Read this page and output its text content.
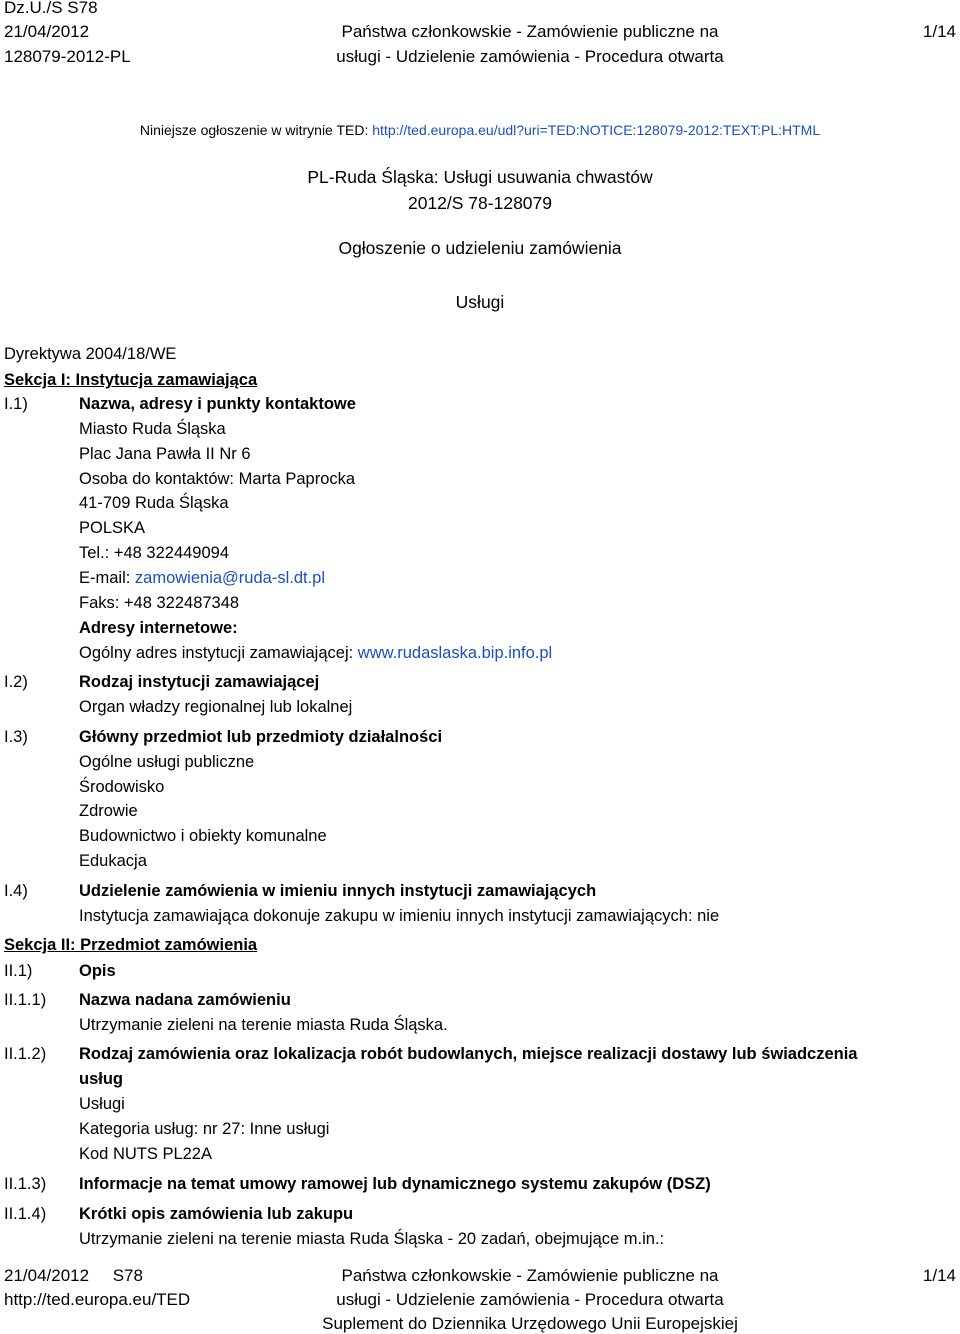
Dz.U./S S78
21/04/2012
128079-2012-PL
Państwa członkowskie - Zamówienie publiczne na
usługi - Udzielenie zamówienia - Procedura otwarta
1/14
Niniejsze ogłoszenie w witrynie TED: http://ted.europa.eu/udl?uri=TED:NOTICE:128079-2012:TEXT:PL:HTML
PL-Ruda Śląska: Usługi usuwania chwastów
2012/S 78-128079
Ogłoszenie o udzieleniu zamówienia
Usługi
Dyrektywa 2004/18/WE
Sekcja I: Instytucja zamawiająca
I.1)	Nazwa, adresy i punkty kontaktowe
Miasto Ruda Śląska
Plac Jana Pawła II Nr 6
Osoba do kontaktów: Marta Paprocka
41-709 Ruda Śląska
POLSKA
Tel.: +48 322449094
E-mail: zamowienia@ruda-sl.dt.pl
Faks: +48 322487348
Adresy internetowe:
Ogólny adres instytucji zamawiającej: www.rudaslaska.bip.info.pl
I.2)	Rodzaj instytucji zamawiającej
Organ władzy regionalnej lub lokalnej
I.3)	Główny przedmiot lub przedmioty działalności
Ogólne usługi publiczne
Środowisko
Zdrowie
Budownictwo i obiekty komunalne
Edukacja
I.4)	Udzielenie zamówienia w imieniu innych instytucji zamawiających
Instytucja zamawiająca dokonuje zakupu w imieniu innych instytucji zamawiających: nie
Sekcja II: Przedmiot zamówienia
II.1)	Opis
II.1.1) Nazwa nadana zamówieniu
Utrzymanie zieleni na terenie miasta Ruda Śląska.
II.1.2) Rodzaj zamówienia oraz lokalizacja robót budowlanych, miejsce realizacji dostawy lub świadczenia
usług
Usługi
Kategoria usług: nr 27: Inne usługi
Kod NUTS PL22A
II.1.3) Informacje na temat umowy ramowej lub dynamicznego systemu zakupów (DSZ)
II.1.4) Krótki opis zamówienia lub zakupu
Utrzymanie zieleni na terenie miasta Ruda Śląska - 20 zadań, obejmujące m.in.:
21/04/2012     S78
http://ted.europa.eu/TED
Państwa członkowskie - Zamówienie publiczne na
usługi - Udzielenie zamówienia - Procedura otwarta
Suplement do Dziennika Urzędowego Unii Europejskiej
1/14
